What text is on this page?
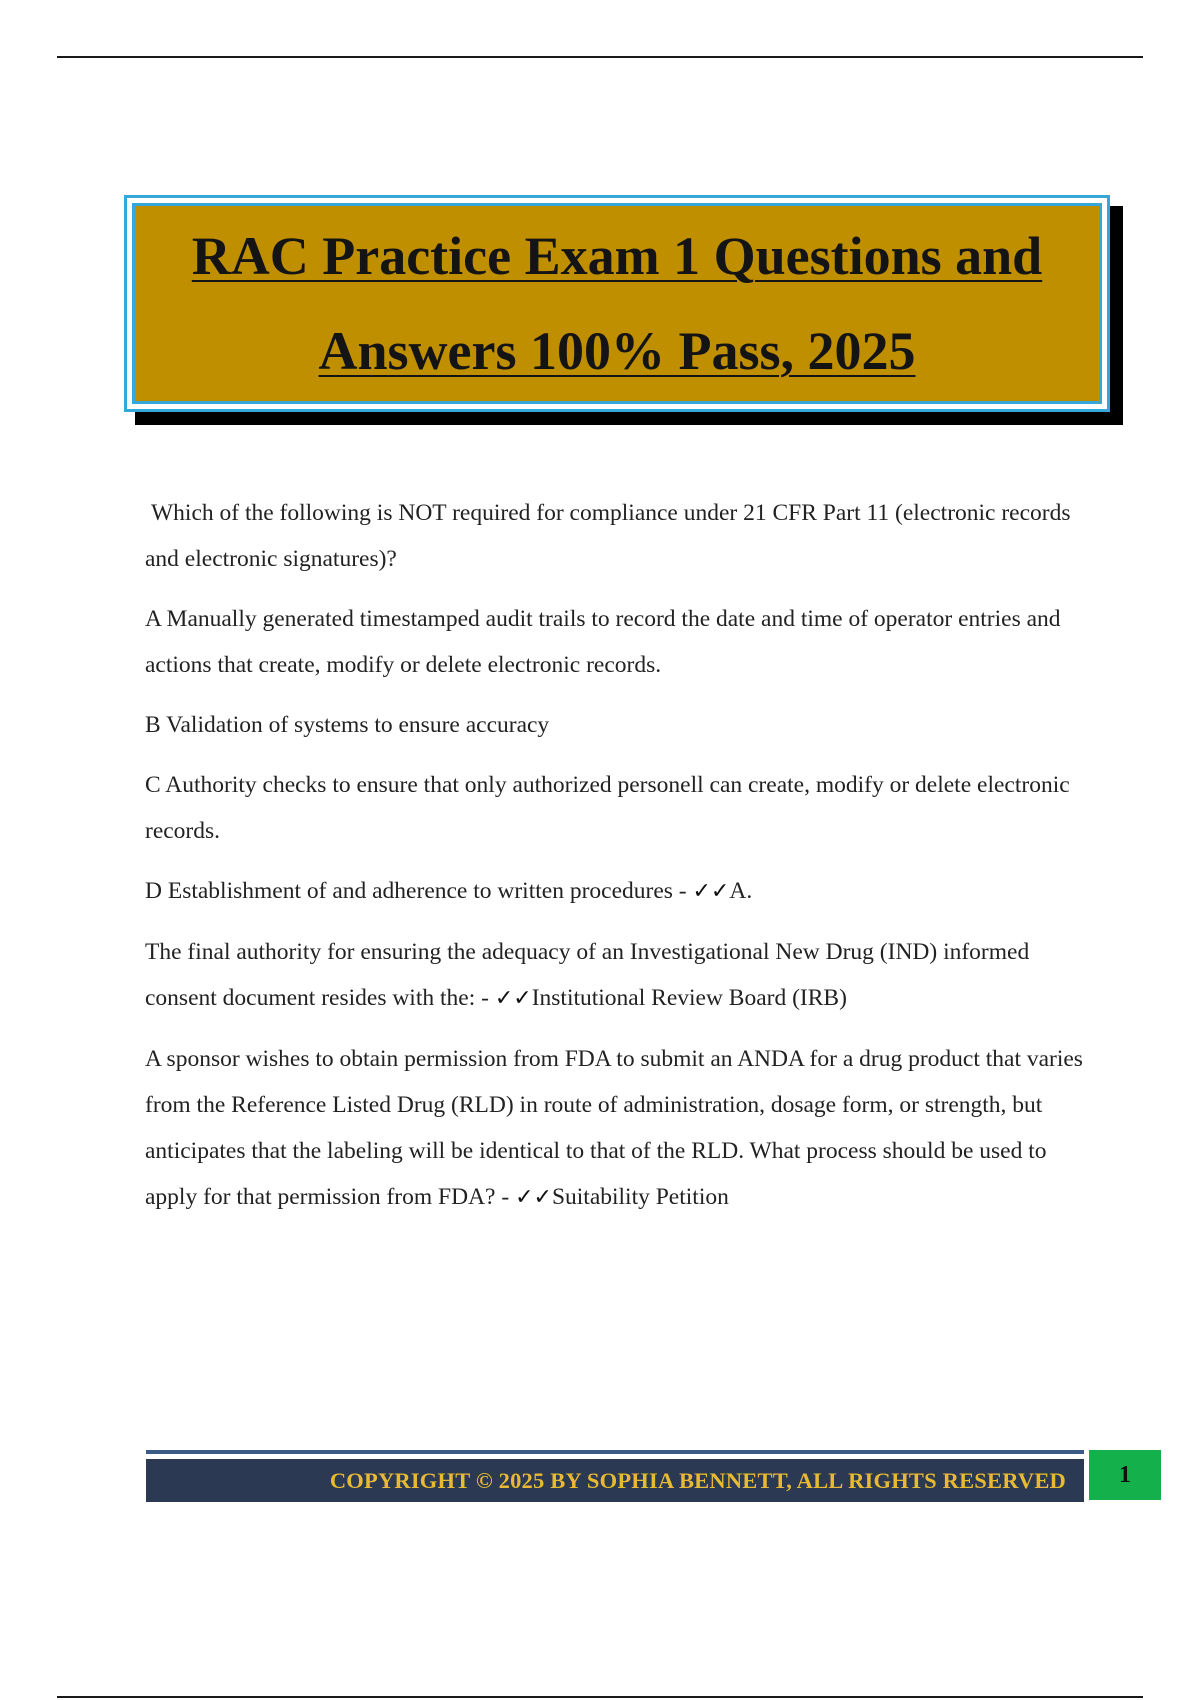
RAC Practice Exam 1 Questions and
Answers 100% Pass, 2025

Which of the following is NOT required for compliance under 21 CFR Part 11 (electronic records and electronic signatures)?

A Manually generated timestamped audit trails to record the date and time of operator entries and actions that create, modify or delete electronic records.

B Validation of systems to ensure accuracy

C Authority checks to ensure that only authorized personell can create, modify or delete electronic records.

D Establishment of and adherence to written procedures - ✓✓A.

The final authority for ensuring the adequacy of an Investigational New Drug (IND) informed consent document resides with the: - ✓✓Institutional Review Board (IRB)

A sponsor wishes to obtain permission from FDA to submit an ANDA for a drug product that varies from the Reference Listed Drug (RLD) in route of administration, dosage form, or strength, but anticipates that the labeling will be identical to that of the RLD. What process should be used to apply for that permission from FDA? - ✓✓Suitability Petition

COPYRIGHT © 2025 BY SOPHIA BENNETT, ALL RIGHTS RESERVED 1
